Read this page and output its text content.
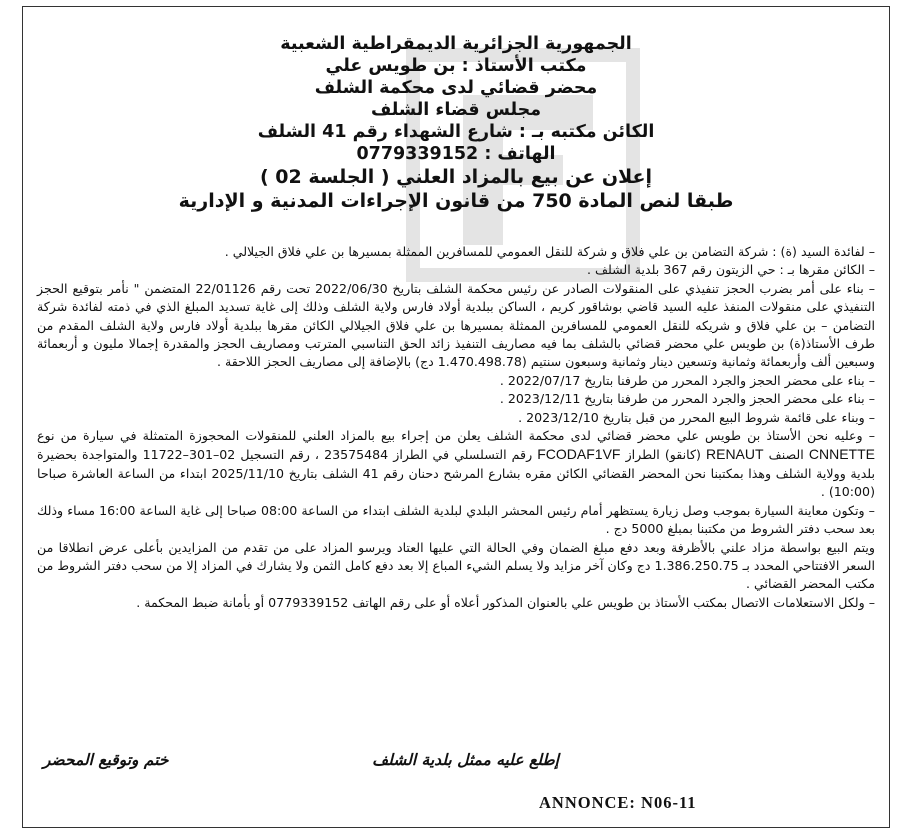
الجمهورية الجزائرية الديمقراطية الشعبية
مكتب الأستاذ : بن طويس علي
محضر قضائي لدى محكمة الشلف
مجلس قضاء الشلف
الكائن مكتبه بـ : شارع الشهداء رقم 41 الشلف
الهاتف : 0779339152
إعلان عن بيع بالمزاد العلني ( الجلسة 02 )
طبقا لنص المادة 750 من قانون الإجراءات المدنية و الإدارية

– لفائدة السيد (ة) : شركة التضامن بن علي فلاق و شركة للنقل العمومي للمسافرين الممثلة بمسيرها بن علي فلاق الجيلالي .

– الكائن مقرها بـ : حي الزيتون رقم 367 بلدية الشلف .

– بناء على أمر بضرب الحجز تنفيذي على المنقولات الصادر عن رئيس محكمة الشلف بتاريخ 2022/06/30 تحت رقم 22/01126 المتضمن " نأمر بتوقيع الحجز التنفيذي على منقولات المنفذ عليه السيد قاضي بوشاقور كريم ، الساكن ببلدية أولاد فارس ولاية الشلف وذلك إلى غاية تسديد المبلغ الذي في ذمته لفائدة شركة التضامن – بن علي فلاق و شريكه للنقل العمومي للمسافرين الممثلة بمسيرها بن علي فلاق الجيلالي الكائن مقرها ببلدية أولاد فارس ولاية الشلف المقدم من طرف الأستاذ(ة) بن طويس علي محضر قضائي بالشلف بما فيه مصاريف التنفيذ زائد الحق التناسبي المترتب ومصاريف الحجز والمقدرة إجمالا مليون و أربعمائة وسبعين ألف وأربعمائة وثمانية وتسعين دينار وثمانية وسبعون سنتيم (1.470.498.78 دج) بالإضافة إلى مصاريف الحجز اللاحقة .

– بناء على محضر الحجز والجرد المحرر من طرفنا بتاريخ 2022/07/17 .

– بناء على محضر الحجز والجرد المحرر من طرفنا بتاريخ 2023/12/11 .

– وبناء على قائمة شروط البيع المحرر من قبل بتاريخ 2023/12/10 .

– وعليه نحن الأستاذ بن طويس علي محضر قضائي لدى محكمة الشلف يعلن من إجراء بيع بالمزاد العلني للمنقولات المحجوزة المتمثلة في سيارة من نوع CNNETTE الصنف RENAUT (كانقو) الطراز FCODAF1VF رقم التسلسلي في الطراز 23575484 ، رقم التسجيل 02–301–11722 والمتواجدة بحضيرة بلدية وولاية الشلف وهذا بمكتبنا نحن المحضر القضائي الكائن مقره بشارع المرشح دحنان رقم 41 الشلف بتاريخ 2025/11/10 ابتداء من الساعة العاشرة صباحا (10:00) .

– وتكون معاينة السيارة بموجب وصل زيارة يستظهر أمام رئيس المحشر البلدي لبلدية الشلف ابتداء من الساعة 08:00 صباحا إلى غاية الساعة 16:00 مساء وذلك بعد سحب دفتر الشروط من مكتبنا بمبلغ 5000 دج .

ويتم البيع بواسطة مزاد علني بالأظرفة وبعد دفع مبلغ الضمان وفي الحالة التي عليها العتاد ويرسو المزاد على من تقدم من المزايدين بأعلى عرض انطلاقا من السعر الافتتاحي المحدد بـ 1.386.250.75 دج وكان آخر مزايد ولا يسلم الشيء المباع إلا بعد دفع كامل الثمن ولا يشارك في المزاد إلا من سحب دفتر الشروط من مكتب المحضر القضائي .

– ولكل الاستعلامات الاتصال بمكتب الأستاذ بن طويس علي بالعنوان المذكور أعلاه أو على رقم الهاتف 0779339152 أو بأمانة ضبط المحكمة .

إطلع عليه ممثل بلدية الشلف
ختم وتوقيع المحضر
ANNONCE: N06-11
